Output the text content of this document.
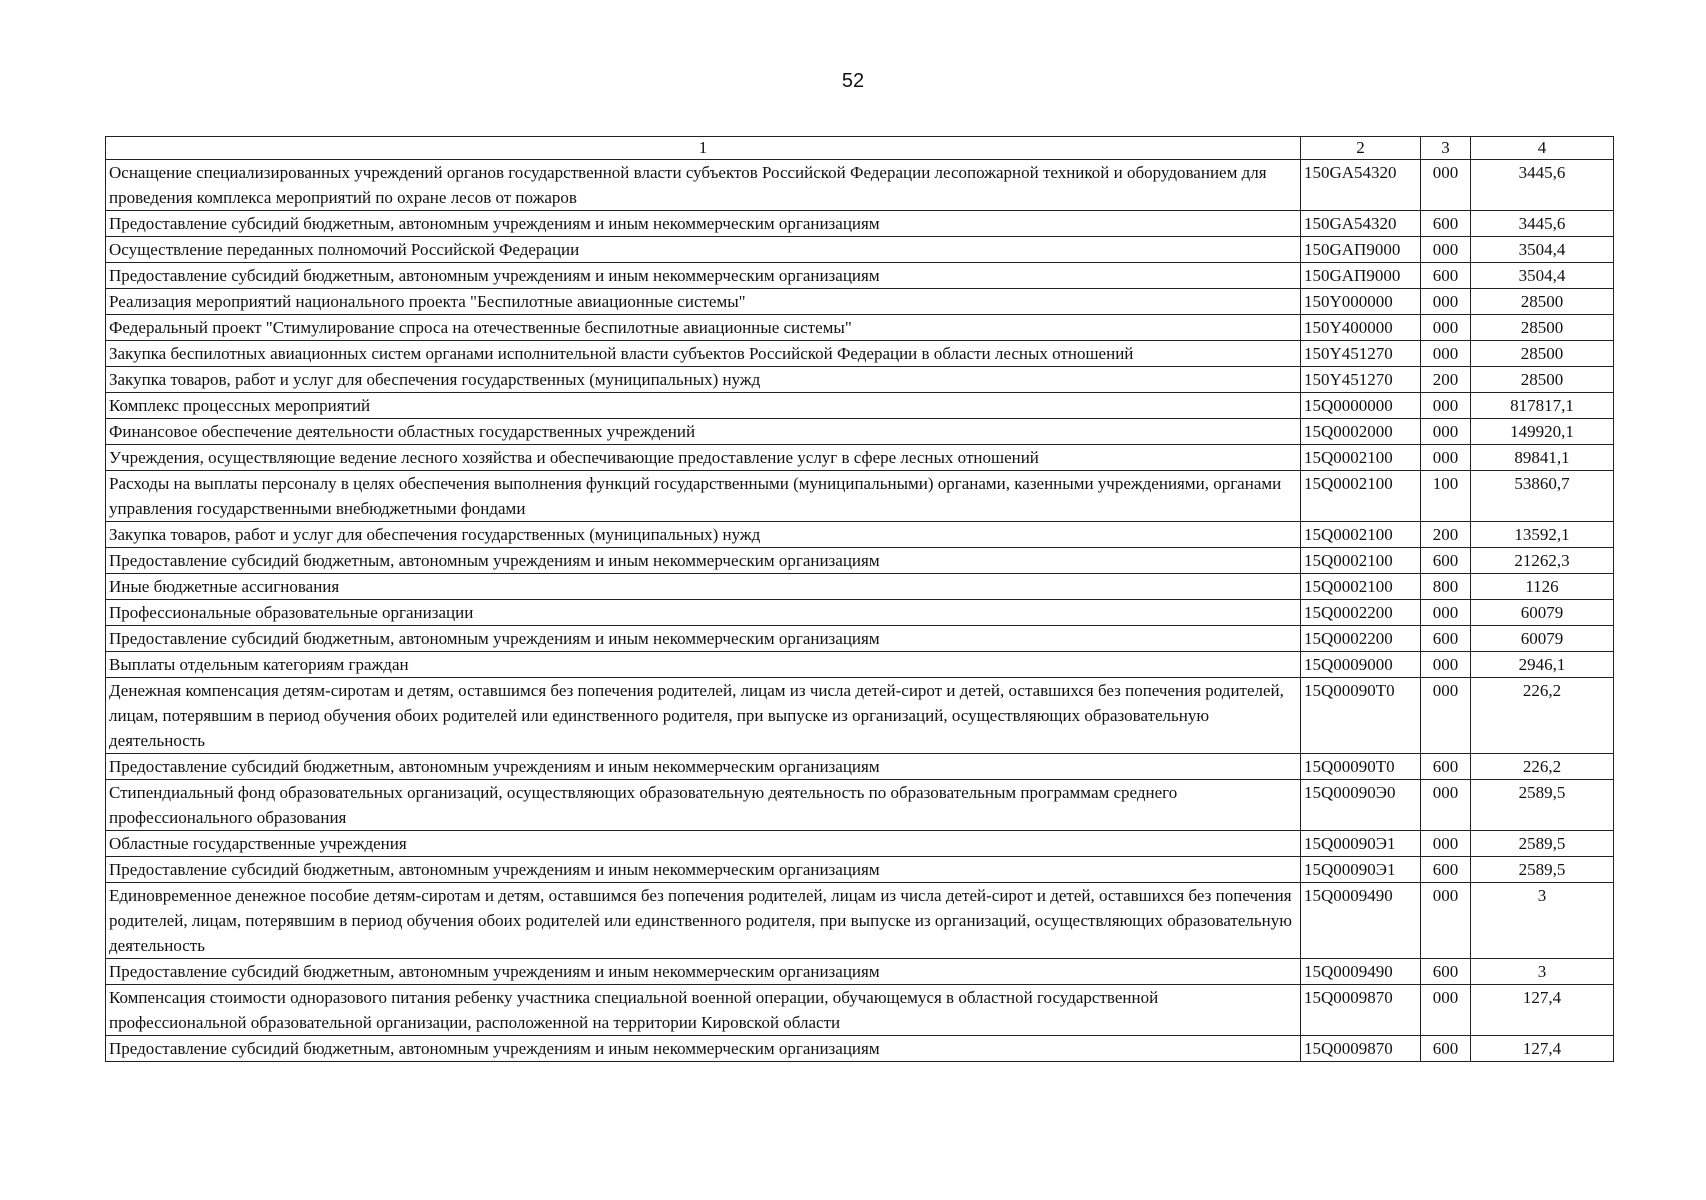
52
1	2	3	4
Оснащение специализированных учреждений органов государственной власти субъектов Российской Федерации лесопожарной техникой и оборудованием для проведения комплекса мероприятий по охране лесов от пожаров	150GA54320	000	3445,6
Предоставление субсидий бюджетным, автономным учреждениям и иным некоммерческим организациям	150GA54320	600	3445,6
Осуществление переданных полномочий Российской Федерации	150GАП9000	000	3504,4
Предоставление субсидий бюджетным, автономным учреждениям и иным некоммерческим организациям	150GАП9000	600	3504,4
Реализация мероприятий национального проекта "Беспилотные авиационные системы"	150Y000000	000	28500
Федеральный проект "Стимулирование спроса на отечественные беспилотные авиационные системы"	150Y400000	000	28500
Закупка беспилотных авиационных систем органами исполнительной власти субъектов Российской Федерации в области лесных отношений	150Y451270	000	28500
Закупка товаров, работ и услуг для обеспечения государственных (муниципальных) нужд	150Y451270	200	28500
Комплекс процессных мероприятий	15Q0000000	000	817817,1
Финансовое обеспечение деятельности областных государственных учреждений	15Q0002000	000	149920,1
Учреждения, осуществляющие ведение лесного хозяйства и обеспечивающие предоставление услуг в сфере лесных отношений	15Q0002100	000	89841,1
Расходы на выплаты персоналу в целях обеспечения выполнения функций государственными (муниципальными) органами, казенными учреждениями, органами управления государственными внебюджетными фондами	15Q0002100	100	53860,7
Закупка товаров, работ и услуг для обеспечения государственных (муниципальных) нужд	15Q0002100	200	13592,1
Предоставление субсидий бюджетным, автономным учреждениям и иным некоммерческим организациям	15Q0002100	600	21262,3
Иные бюджетные ассигнования	15Q0002100	800	1126
Профессиональные образовательные организации	15Q0002200	000	60079
Предоставление субсидий бюджетным, автономным учреждениям и иным некоммерческим организациям	15Q0002200	600	60079
Выплаты отдельным категориям граждан	15Q0009000	000	2946,1
Денежная компенсация детям-сиротам и детям, оставшимся без попечения родителей, лицам из числа детей-сирот и детей, оставшихся без попечения родителей, лицам, потерявшим в период обучения обоих родителей или единственного родителя, при выпуске из организаций, осуществляющих образовательную деятельность	15Q00090Т0	000	226,2
Предоставление субсидий бюджетным, автономным учреждениям и иным некоммерческим организациям	15Q00090Т0	600	226,2
Стипендиальный фонд образовательных организаций, осуществляющих образовательную деятельность по образовательным программам среднего профессионального образования	15Q00090Э0	000	2589,5
Областные государственные учреждения	15Q00090Э1	000	2589,5
Предоставление субсидий бюджетным, автономным учреждениям и иным некоммерческим организациям	15Q00090Э1	600	2589,5
Единовременное денежное пособие детям-сиротам и детям, оставшимся без попечения родителей, лицам из числа детей-сирот и детей, оставшихся без попечения родителей, лицам, потерявшим в период обучения обоих родителей или единственного родителя, при выпуске из организаций, осуществляющих образовательную деятельность	15Q0009490	000	3
Предоставление субсидий бюджетным, автономным учреждениям и иным некоммерческим организациям	15Q0009490	600	3
Компенсация стоимости одноразового питания ребенку участника специальной военной операции, обучающемуся в областной государственной профессиональной образовательной организации, расположенной на территории Кировской области	15Q0009870	000	127,4
Предоставление субсидий бюджетным, автономным учреждениям и иным некоммерческим организациям	15Q0009870	600	127,4
